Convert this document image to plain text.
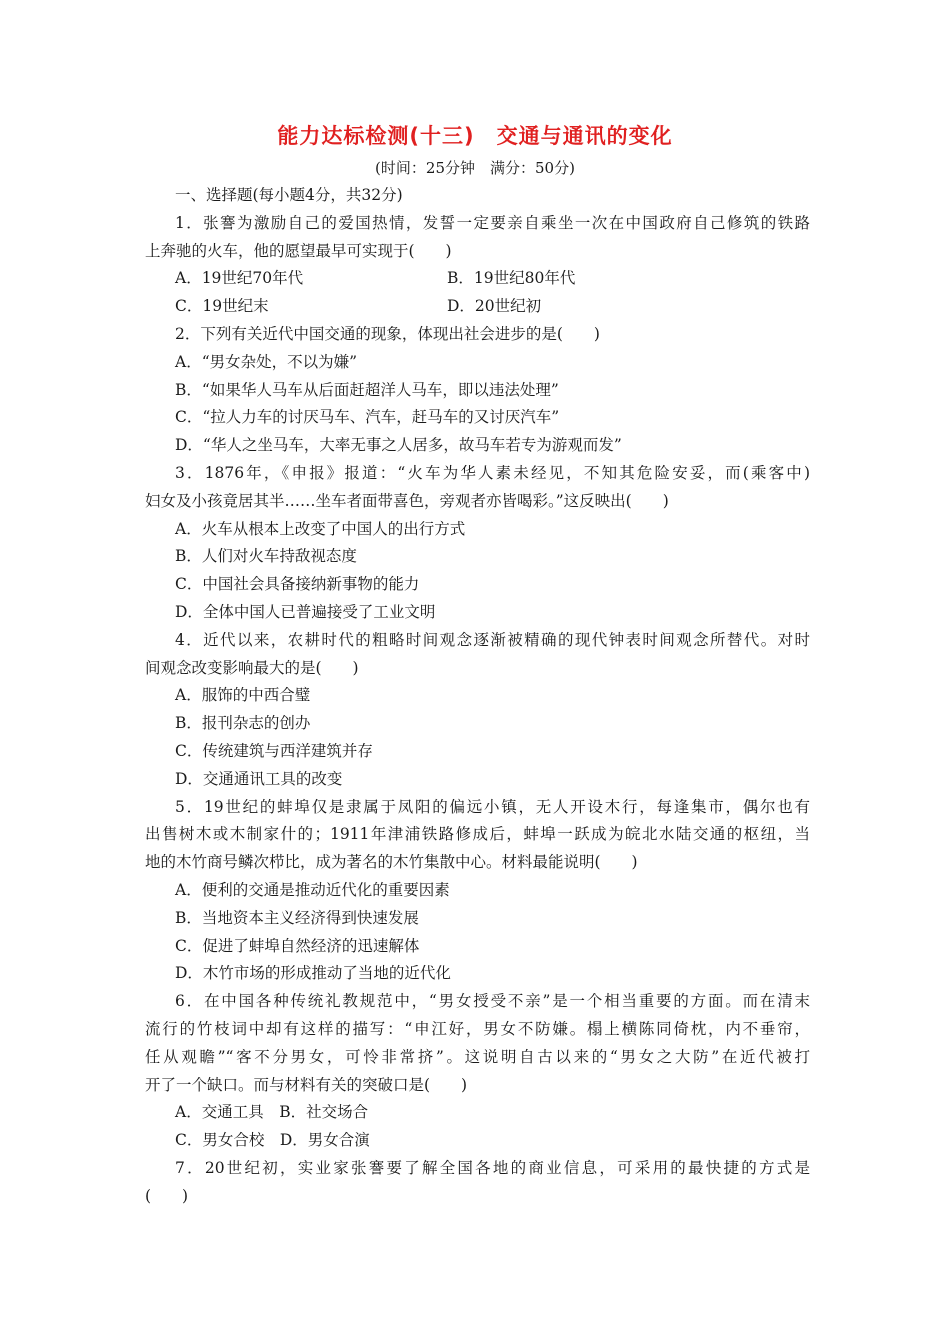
能力达标检测(十三)　交通与通讯的变化
(时间：25分钟　满分：50分)
一、选择题(每小题4分，共32分)
1．张謇为激励自己的爱国热情，发誓一定要亲自乘坐一次在中国政府自己修筑的铁路
上奔驰的火车，他的愿望最早可实现于(　　)
A．19世纪70年代	B．19世纪80年代
C．19世纪末	D．20世纪初
2．下列有关近代中国交通的现象，体现出社会进步的是(　　)
A．“男女杂处，不以为嫌”
B．“如果华人马车从后面赶超洋人马车，即以违法处理”
C．“拉人力车的讨厌马车、汽车，赶马车的又讨厌汽车”
D．“华人之坐马车，大率无事之人居多，故马车若专为游观而发”
3．1876年，《申报》报道：“火车为华人素未经见，不知其危险安妥，而(乘客中)
妇女及小孩竟居其半……坐车者面带喜色，旁观者亦皆喝彩。”这反映出(　　)
A．火车从根本上改变了中国人的出行方式
B．人们对火车持敌视态度
C．中国社会具备接纳新事物的能力
D．全体中国人已普遍接受了工业文明
4．近代以来，农耕时代的粗略时间观念逐渐被精确的现代钟表时间观念所替代。对时
间观念改变影响最大的是(　　)
A．服饰的中西合璧
B．报刊杂志的创办
C．传统建筑与西洋建筑并存
D．交通通讯工具的改变
5．19世纪的蚌埠仅是隶属于凤阳的偏远小镇，无人开设木行，每逢集市，偶尔也有
出售树木或木制家什的；1911年津浦铁路修成后，蚌埠一跃成为皖北水陆交通的枢纽，当
地的木竹商号鳞次栉比，成为著名的木竹集散中心。材料最能说明(　　)
A．便利的交通是推动近代化的重要因素
B．当地资本主义经济得到快速发展
C．促进了蚌埠自然经济的迅速解体
D．木竹市场的形成推动了当地的近代化
6．在中国各种传统礼教规范中，“男女授受不亲”是一个相当重要的方面。而在清末
流行的竹枝词中却有这样的描写：“申江好，男女不防嫌。榻上横陈同倚枕，内不垂帘，
任从观瞻”“客不分男女，可怜非常挤”。这说明自古以来的“男女之大防”在近代被打
开了一个缺口。而与材料有关的突破口是(　　)
A．交通工具　B．社交场合
C．男女合校　D．男女合演
7．20世纪初，实业家张謇要了解全国各地的商业信息，可采用的最快捷的方式是
(　　)
